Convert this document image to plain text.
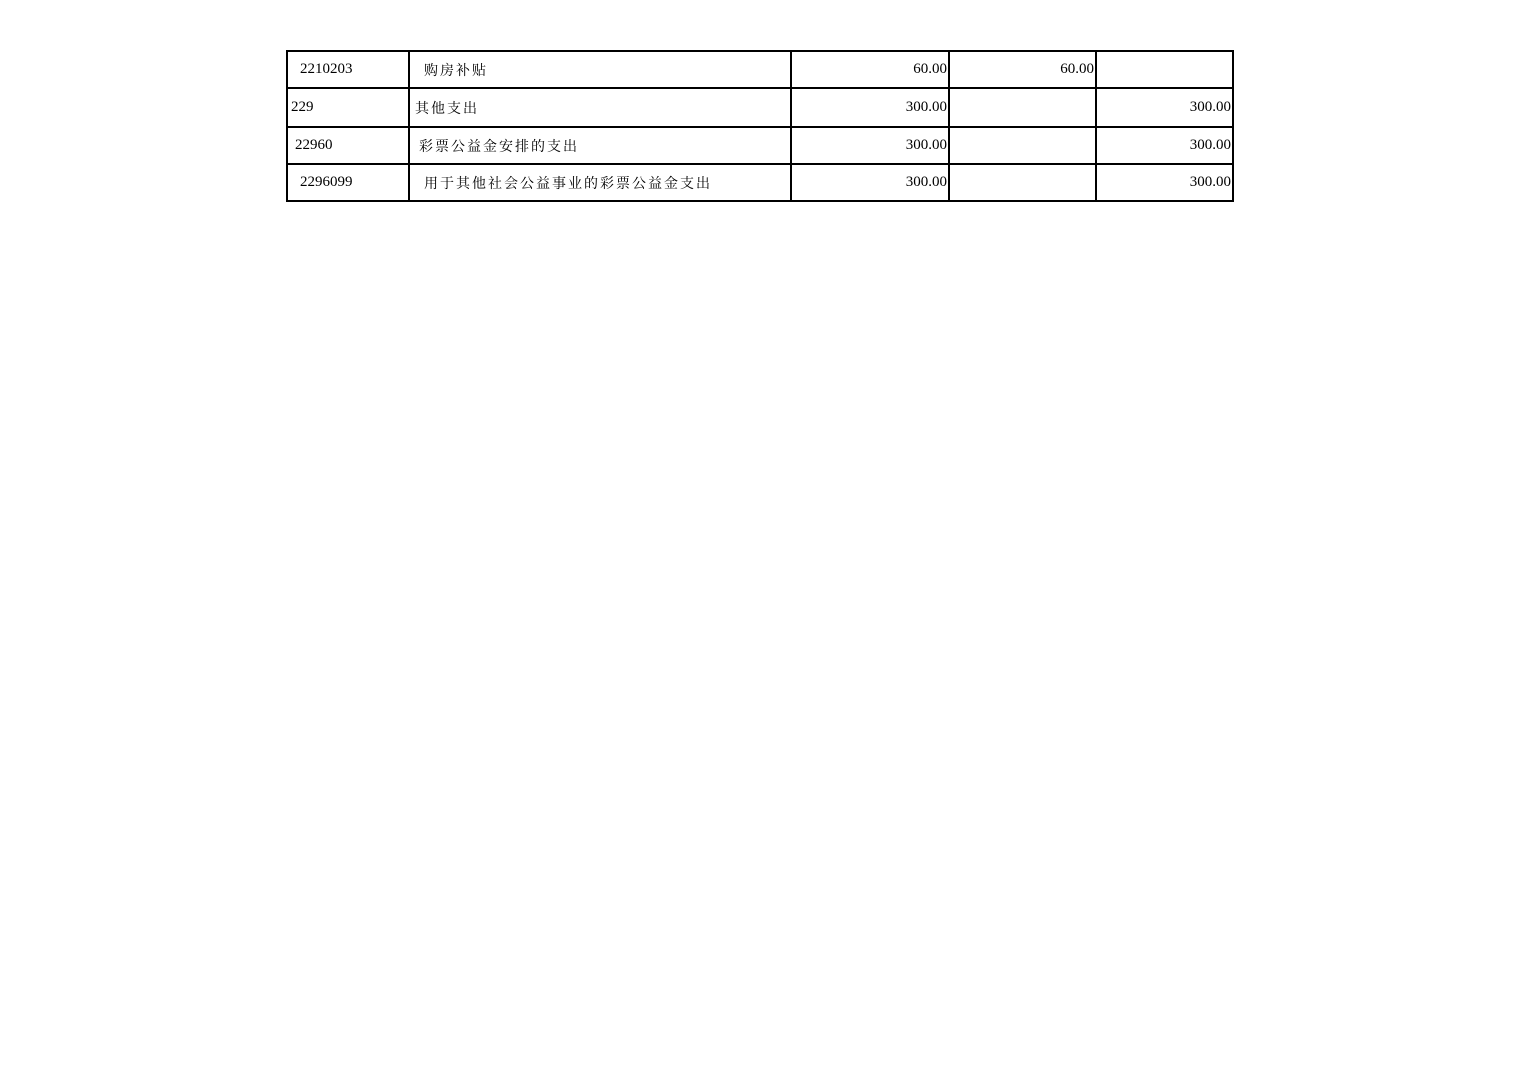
2210203	购房补贴	60.00	60.00	
229	其他支出	300.00		300.00
22960	彩票公益金安排的支出	300.00		300.00
2296099	用于其他社会公益事业的彩票公益金支出	300.00		300.00
